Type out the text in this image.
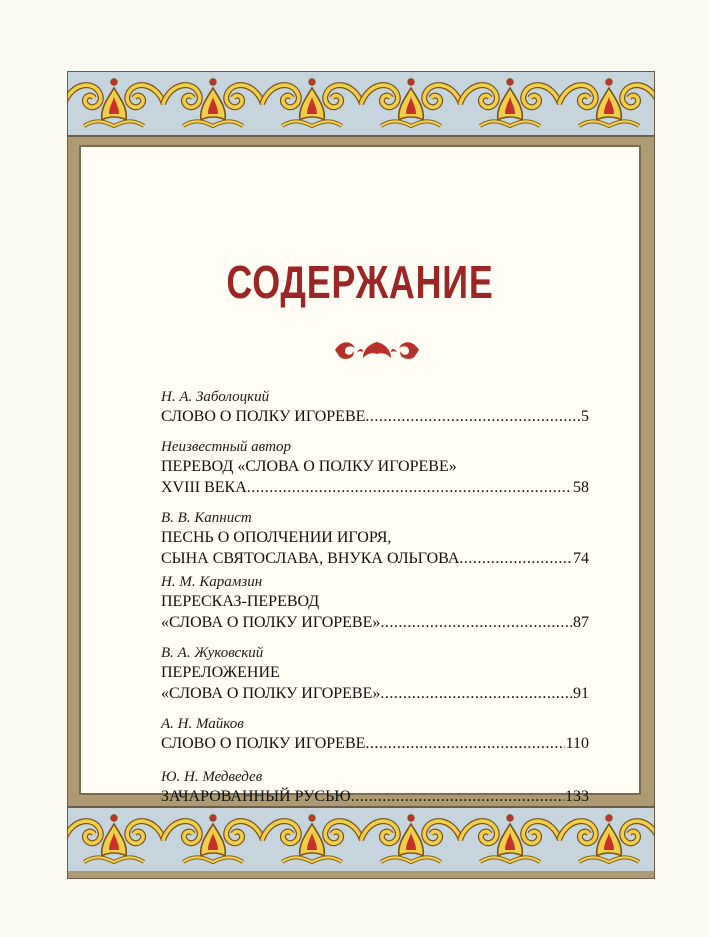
СОДЕРЖАНИЕ
Н. А. Заболоцкий
СЛОВО О ПОЛКУ ИГОРЕВЕ .....	5
Неизвестный автор
ПЕРЕВОД «СЛОВА О ПОЛКУ ИГОРЕВЕ»
XVIII ВЕКА .....	58
В. В. Капнист
ПЕСНЬ О ОПОЛЧЕНИИ ИГОРЯ,
СЫНА СВЯТОСЛАВА, ВНУКА ОЛЬГОВА .....	74
Н. М. Карамзин
ПЕРЕСКАЗ-ПЕРЕВОД
«СЛОВА О ПОЛКУ ИГОРЕВЕ» .....	87
В. А. Жуковский
ПЕРЕЛОЖЕНИЕ
«СЛОВА О ПОЛКУ ИГОРЕВЕ» .....	91
А. Н. Майков
СЛОВО О ПОЛКУ ИГОРЕВЕ .....	110
Ю. Н. Медведев
ЗАЧАРОВАННЫЙ РУСЬЮ .....	133
